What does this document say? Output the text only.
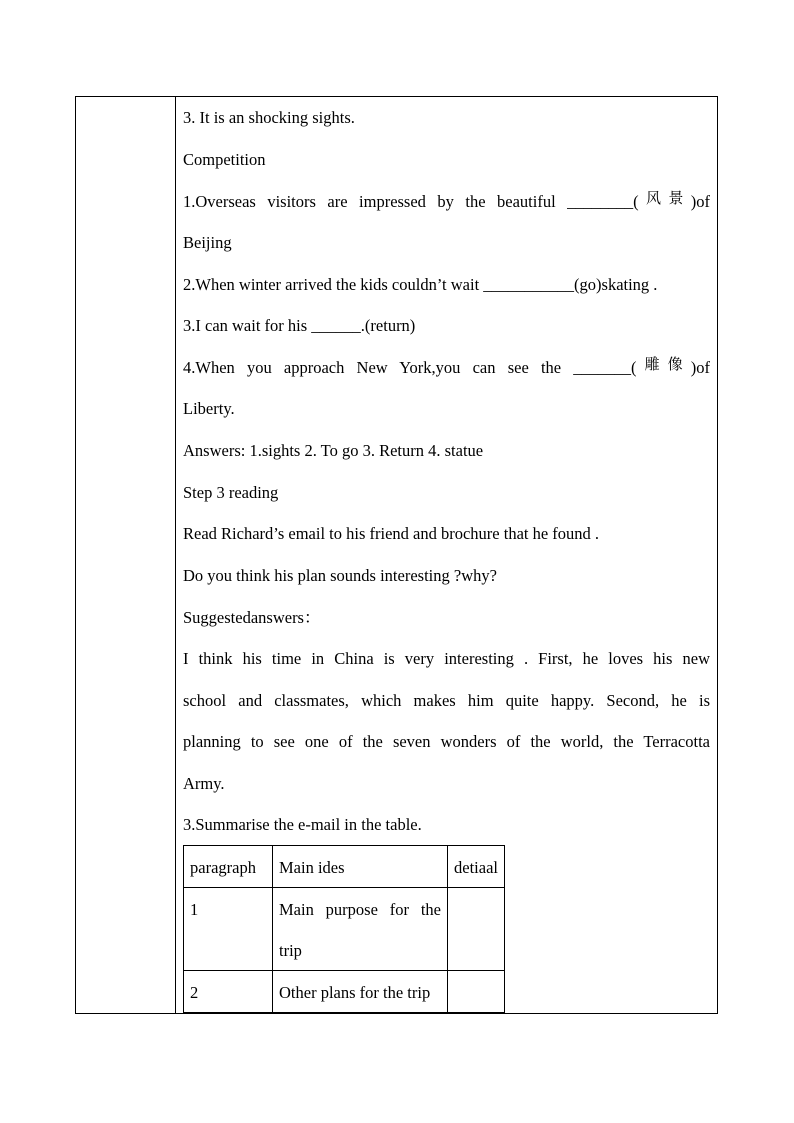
3. It is an shocking sights.
Competition
1.Overseas visitors are impressed by the beautiful ________(风景)of
Beijing
2.When winter arrived the kids couldn’t wait ___________(go)skating .
3.I can wait for his ______.(return)
4.When you approach New York,you can see the _______(雕像)of
Liberty.
Answers: 1.sights 2. To go 3. Return 4. statue
Step 3 reading
Read Richard’s email to his friend and brochure that he found .
Do you think his plan sounds interesting ?why?
Suggestedanswers：
I think his time in China is very interesting . First, he loves his new
school and classmates, which makes him quite happy. Second, he is
planning to see one of the seven wonders of the world, the Terracotta
Army.
3.Summarise the e-mail in the table.
paragraph	Main ides	detiaal

1	Main purpose for the
trip	

2	Other plans for the trip	
